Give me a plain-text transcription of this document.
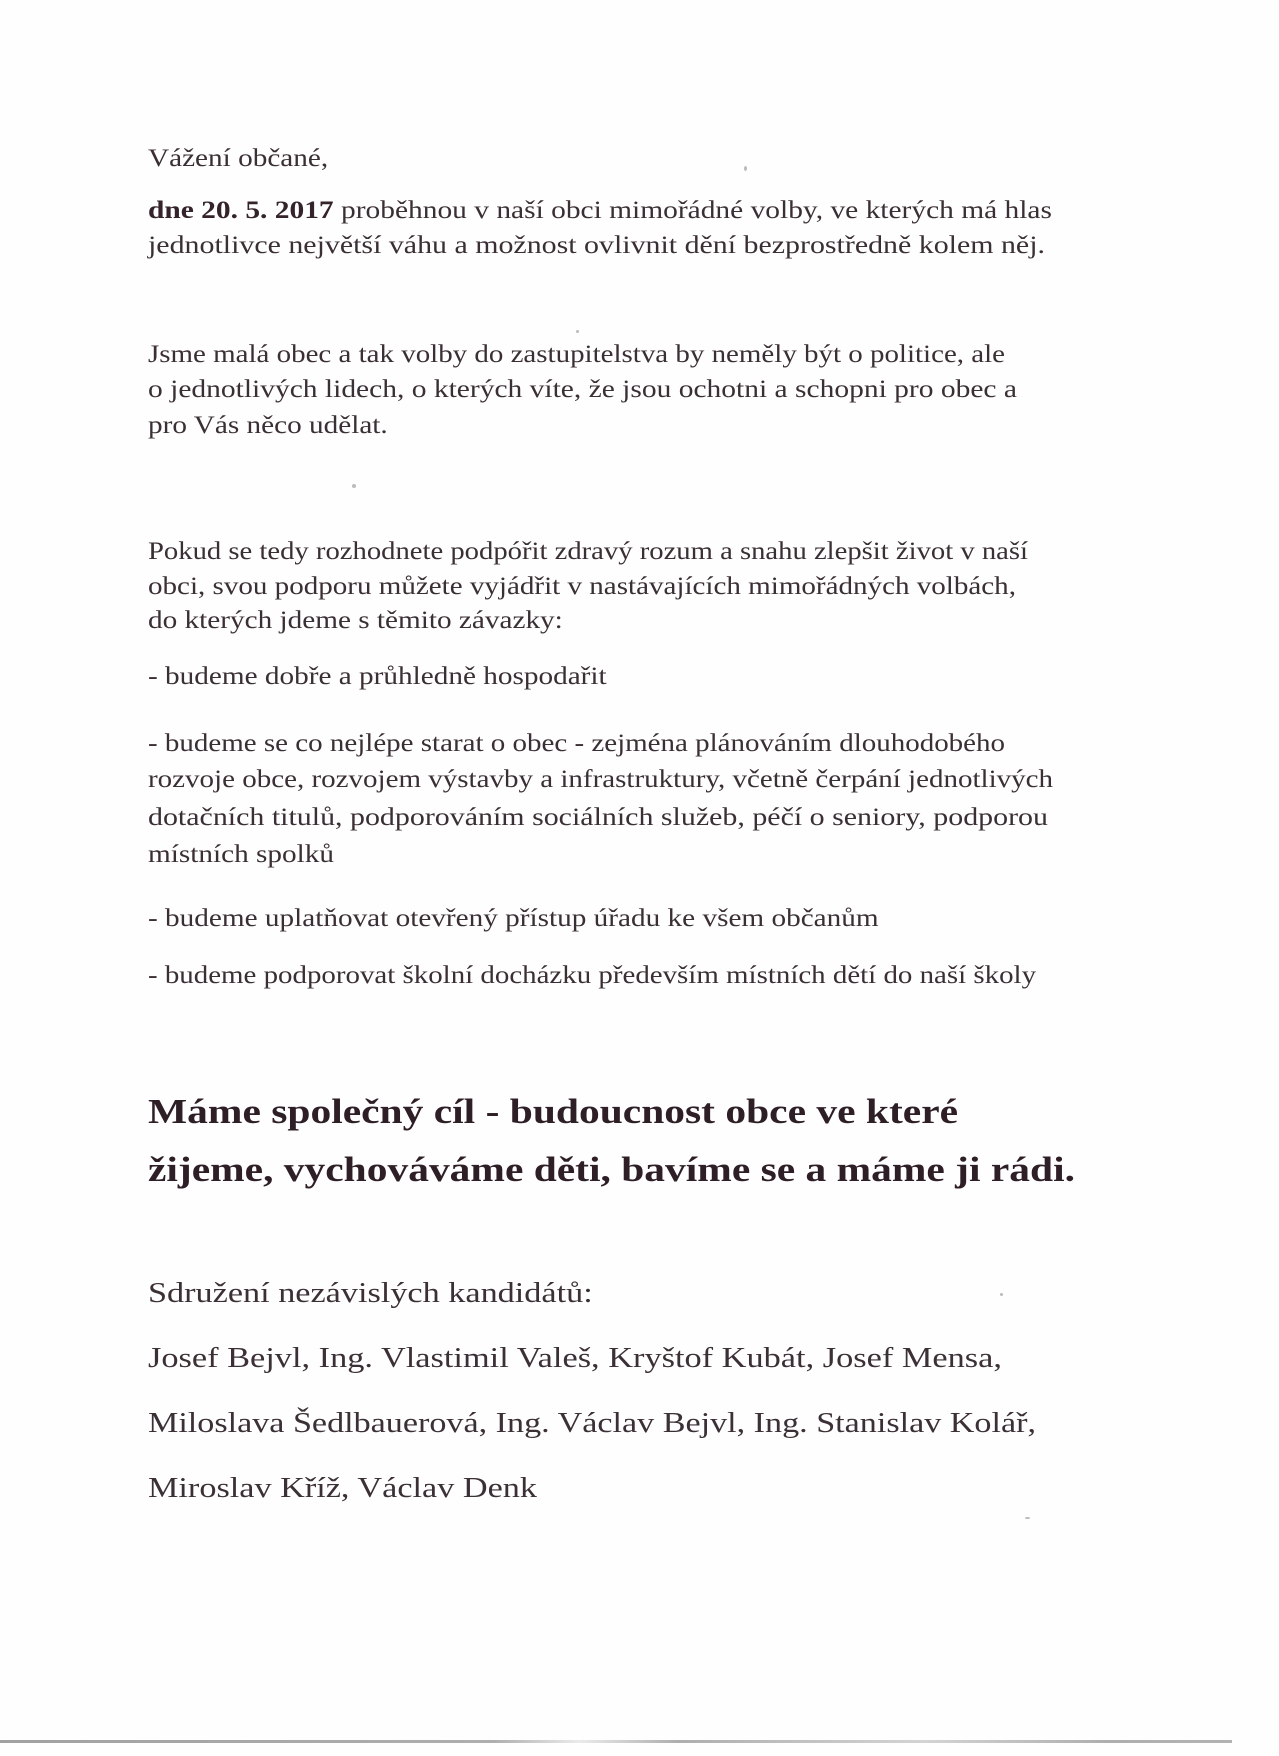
Vážení občané,
dne 20. 5. 2017 proběhnou v naší obci mimořádné volby, ve kterých má hlas
jednotlivce největší váhu a možnost ovlivnit dění bezprostředně kolem něj.
Jsme malá obec a tak volby do zastupitelstva by neměly být o politice, ale
o jednotlivých lidech, o kterých víte, že jsou ochotni a schopni pro obec a
pro Vás něco udělat.
Pokud se tedy rozhodnete podpóřit zdravý rozum a snahu zlepšit život v naší
obci, svou podporu můžete vyjádřit v nastávajících mimořádných volbách,
do kterých jdeme s těmito závazky:
- budeme dobře a průhledně hospodařit
- budeme se co nejlépe starat o obec - zejména plánováním dlouhodobého
rozvoje obce, rozvojem výstavby a infrastruktury, včetně čerpání jednotlivých
dotačních titulů, podporováním sociálních služeb, péčí o seniory, podporou
místních spolků
- budeme uplatňovat otevřený přístup úřadu ke všem občanům
- budeme podporovat školní docházku především místních dětí do naší školy
Máme společný cíl - budoucnost obce ve které
žijeme, vychováváme děti, bavíme se a máme ji rádi.
Sdružení nezávislých kandidátů:
Josef Bejvl, Ing. Vlastimil Valeš, Kryštof Kubát, Josef Mensa,
Miloslava Šedlbauerová, Ing. Václav Bejvl, Ing. Stanislav Kolář,
Miroslav Kříž, Václav Denk
